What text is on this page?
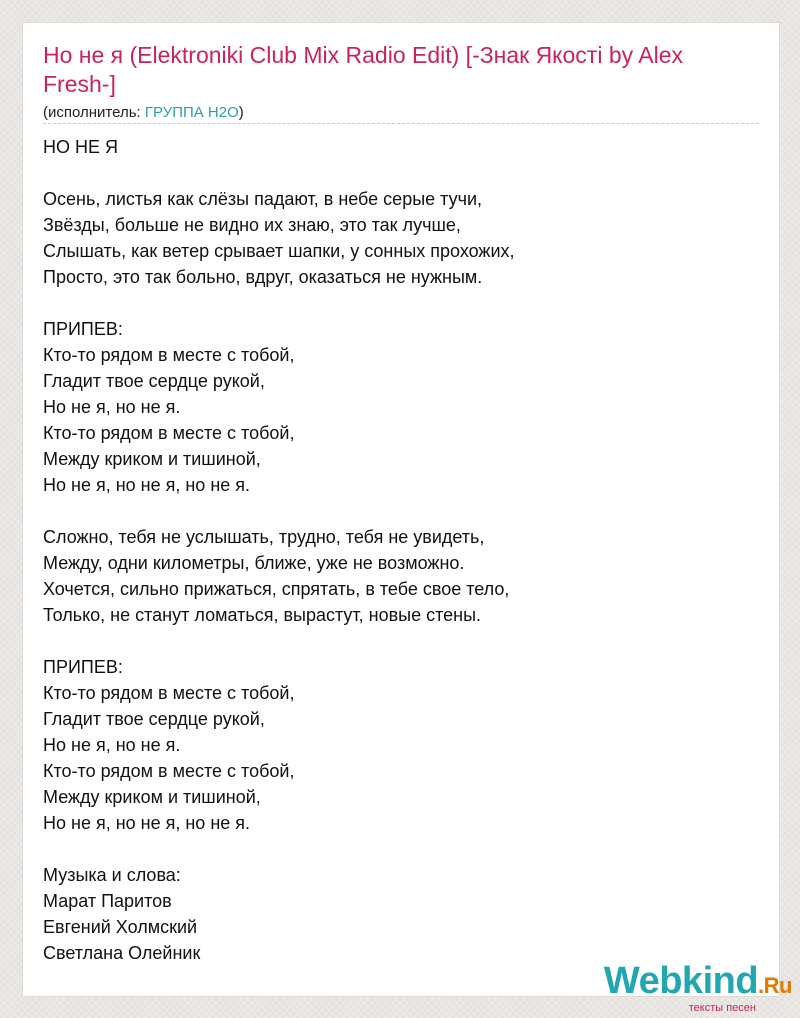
Но не я (Elektroniki Club Mix Radio Edit) [-Знак Якості by Alex Fresh-]
(исполнитель: ГРУППА H2O)
НО НЕ Я
Осень, листья как слёзы падают, в небе серые тучи,
Звёзды, больше не видно их знаю, это так лучше,
Слышать, как ветер срывает шапки, у сонных прохожих,
Просто, это так больно, вдруг, оказаться не нужным.
ПРИПЕВ:
Кто-то рядом в месте с тобой,
Гладит твое сердце рукой,
Но не я, но не я.
Кто-то рядом в месте с тобой,
Между криком и тишиной,
Но не я, но не я, но не я.
Сложно, тебя не услышать, трудно, тебя не увидеть,
Между, одни километры, ближе, уже не возможно.
Хочется, сильно прижаться, спрятать, в тебе свое тело,
Только, не станут ломаться, вырастут, новые стены.
ПРИПЕВ:
Кто-то рядом в месте с тобой,
Гладит твое сердце рукой,
Но не я, но не я.
Кто-то рядом в месте с тобой,
Между криком и тишиной,
Но не я, но не я, но не я.
Музыка и слова:
Марат Паритов
Евгений Холмский
Светлана Олейник
Webkind.Ru
тексты песен
